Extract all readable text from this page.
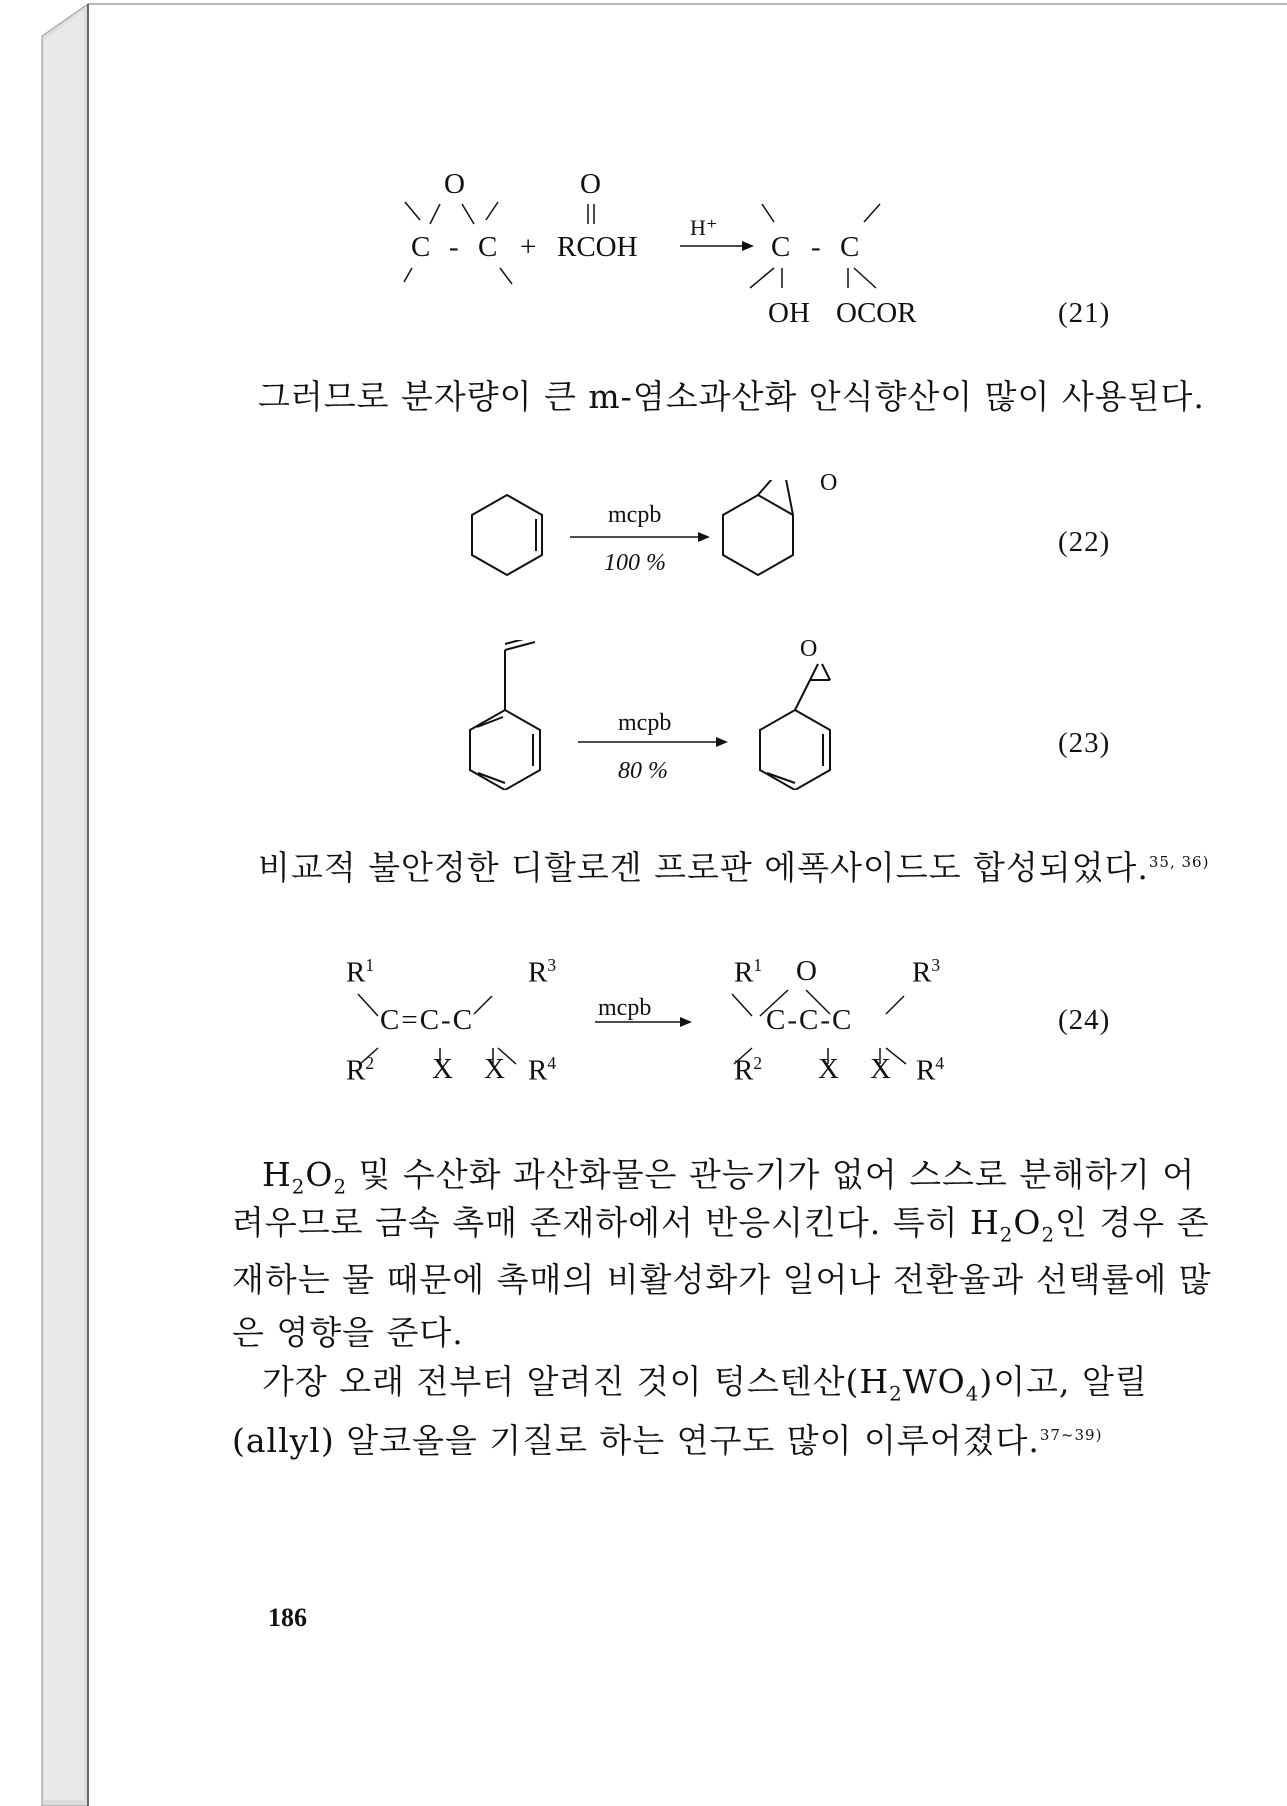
O
C - C +
O
RCOH
H⁺
C - C
OH OCOR	(21)
그러므로 분자량이 큰 m-염소과산화 안식향산이 많이 사용된다.
mcpb
100 %
O
(22)
mcpb
80 %
O
(23)
비교적 불안정한 디할로겐 프로판 에폭사이드도 합성되었다.$^{35, 36)}$
$R^1$
$R^2$
$R^3$
$R^4$
C=C-C
X X
mcpb
$R^1$ O	$R^3$
C-C-C
$R^2$ X X $R^4$
(24)
$H_2O_2$ 및 수산화 과산화물은 관능기가 없어 스스로 분해하기 어
려우므로 금속 촉매 존재하에서 반응시킨다. 특히 $H_2O_2$인 경우 존
재하는 물 때문에 촉매의 비활성화가 일어나 전환율과 선택률에 많
은 영향을 준다.
가장 오래 전부터 알려진 것이 텅스텐산$(H_2WO_4)$이고, 알릴
(allyl) 알코올을 기질로 하는 연구도 많이 이루어졌다.$^{37\sim 39)}$
186
